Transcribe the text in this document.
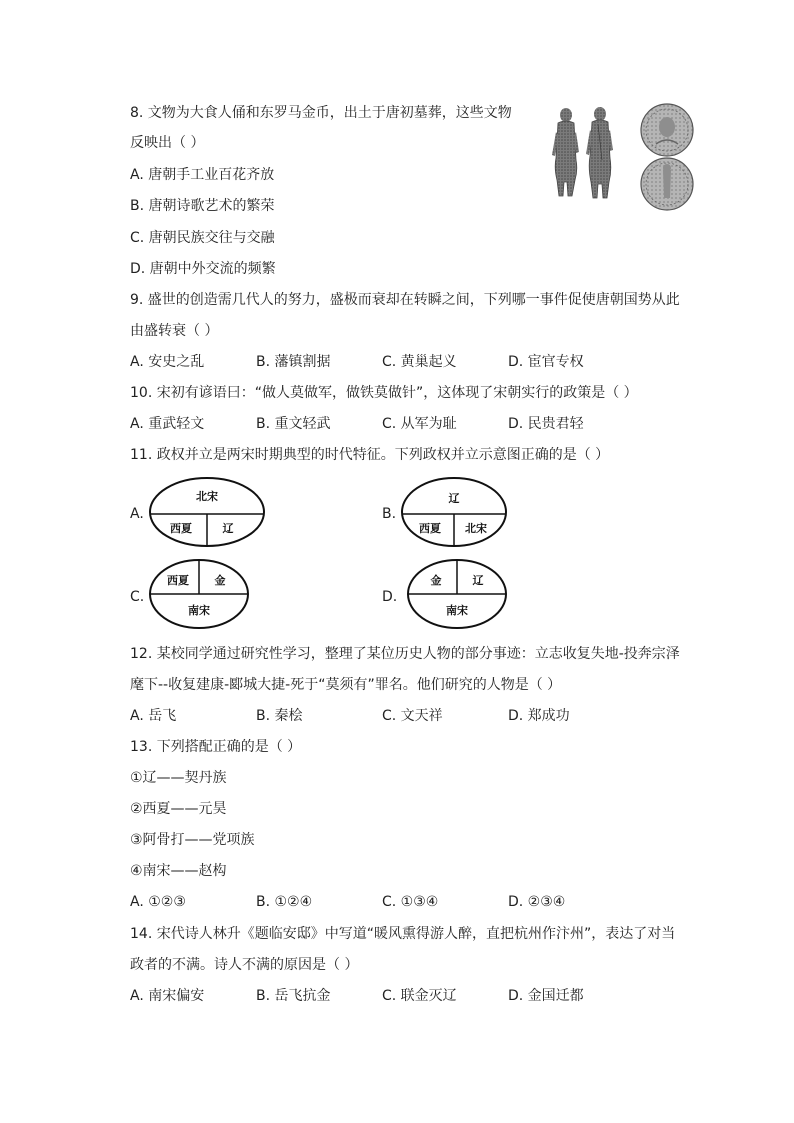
8. 文物为大食人俑和东罗马金币，出土于唐初墓葬，这些文物
反映出（ ）
A. 唐朝手工业百花齐放
B. 唐朝诗歌艺术的繁荣
C. 唐朝民族交往与交融
D. 唐朝中外交流的频繁
9. 盛世的创造需几代人的努力，盛极而衰却在转瞬之间，下列哪一事件促使唐朝国势从此
由盛转衰（ ）
A. 安史之乱	B. 藩镇割据	C. 黄巢起义	D. 宦官专权
10. 宋初有谚语曰：“做人莫做军，做铁莫做针”，这体现了宋朝实行的政策是（ ）
A. 重武轻文	B. 重文轻武	C. 从军为耻	D. 民贵君轻
11. 政权并立是两宋时期典型的时代特征。下列政权并立示意图正确的是（ ）
A.
北宋
西夏	辽
B.
辽
西夏 北宋
C.
西夏 金
南宋
D.
金	辽
南宋
12. 某校同学通过研究性学习，整理了某位历史人物的部分事迹：立志收复失地-投奔宗泽
麾下--收复建康-郾城大捷-死于“莫须有”罪名。他们研究的人物是（ ）
A. 岳飞	B. 秦桧	C. 文天祥	D. 郑成功
13. 下列搭配正确的是（ ）
①辽——契丹族
②西夏——元昊
③阿骨打——党项族
④南宋——赵构
A. ①②③	B. ①②④	C. ①③④	D. ②③④
14. 宋代诗人林升《题临安邸》中写道“暖风熏得游人醉，直把杭州作汴州”，表达了对当
政者的不满。诗人不满的原因是（ ）
A. 南宋偏安	B. 岳飞抗金	C. 联金灭辽	D. 金国迁都
